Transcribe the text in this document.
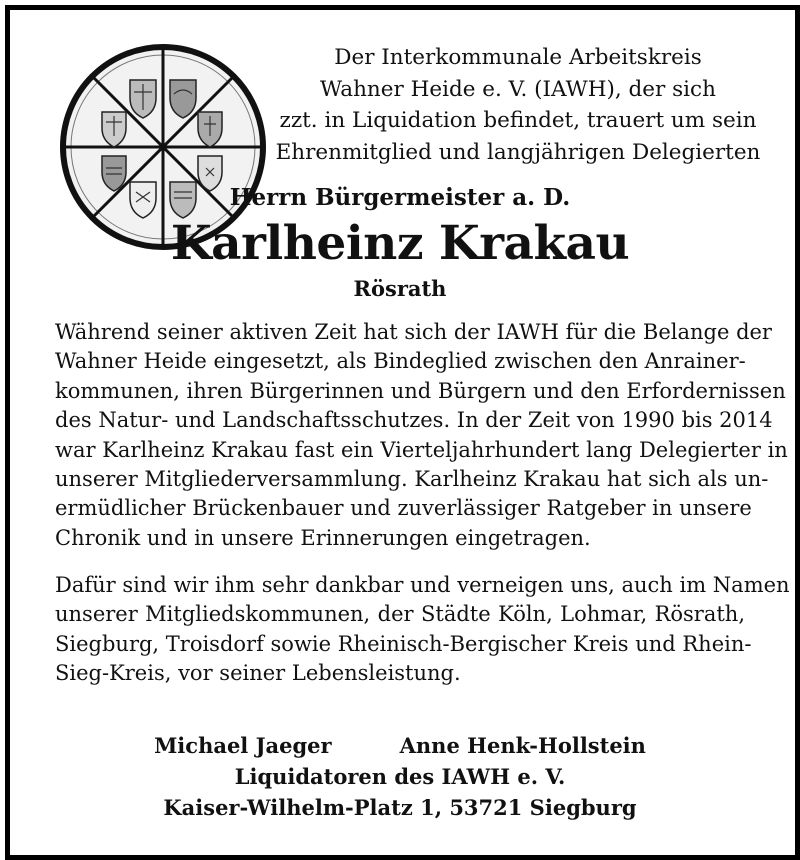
Der Interkommunale Arbeitskreis
Wahner Heide e. V. (IAWH), der sich
zzt. in Liquidation befindet, trauert um sein
Ehrenmitglied und langjährigen Delegierten
Herrn Bürgermeister a. D.
Karlheinz Krakau
Rösrath
Während seiner aktiven Zeit hat sich der IAWH für die Belange der
Wahner Heide eingesetzt, als Bindeglied zwischen den Anrainer-
kommunen, ihren Bürgerinnen und Bürgern und den Erfordernissen
des Natur- und Landschaftsschutzes. In der Zeit von 1990 bis 2014
war Karlheinz Krakau fast ein Vierteljahrhundert lang Delegierter in
unserer Mitgliederversammlung. Karlheinz Krakau hat sich als un-
ermüdlicher Brückenbauer und zuverlässiger Ratgeber in unsere
Chronik und in unsere Erinnerungen eingetragen.
Dafür sind wir ihm sehr dankbar und verneigen uns, auch im Namen
unserer Mitgliedskommunen, der Städte Köln, Lohmar, Rösrath,
Siegburg, Troisdorf sowie Rheinisch-Bergischer Kreis und Rhein-
Sieg-Kreis, vor seiner Lebensleistung.
Michael Jaeger	Anne Henk-Hollstein
Liquidatoren des IAWH e. V.
Kaiser-Wilhelm-Platz 1, 53721 Siegburg
